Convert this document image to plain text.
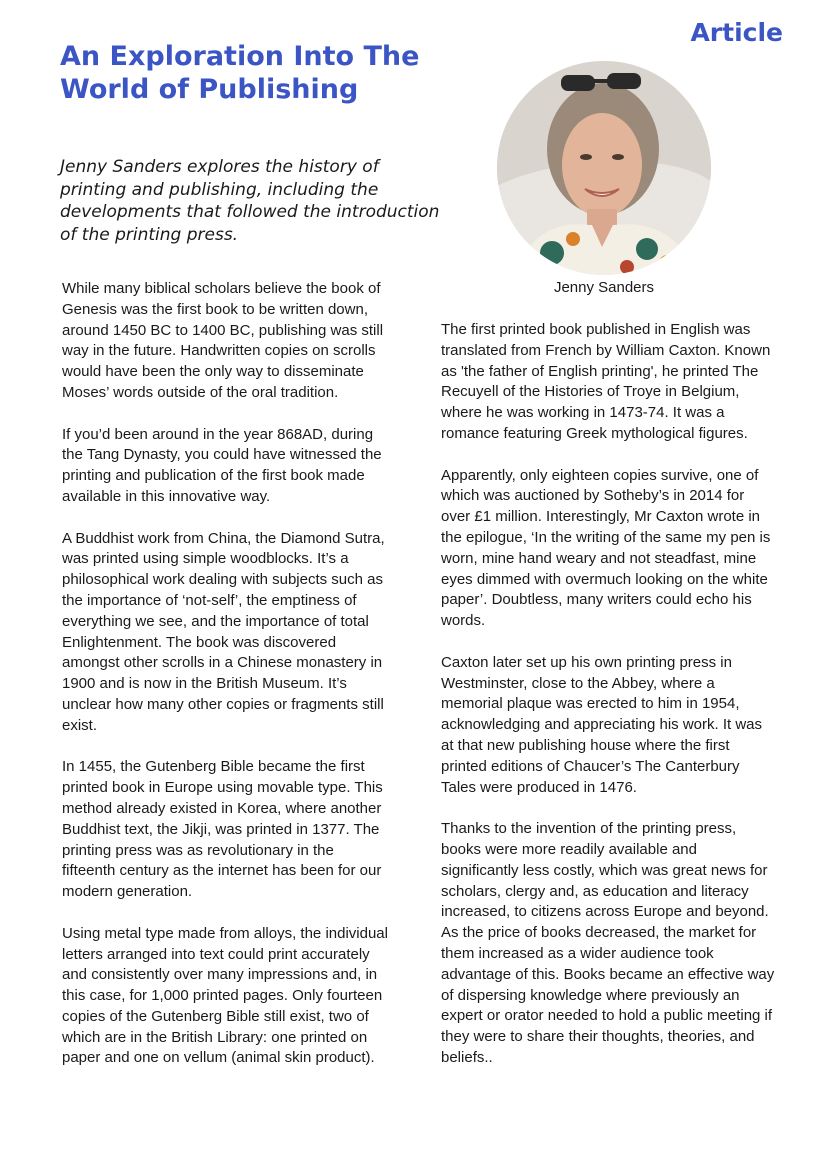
Article
An Exploration Into The World of Publishing

Jenny Sanders explores the history of printing and publishing, including the developments that followed the introduction of the printing press.

Jenny Sanders

While many biblical scholars believe the book of Genesis was the first book to be written down, around 1450 BC to 1400 BC, publishing was still way in the future. Handwritten copies on scrolls would have been the only way to disseminate Moses’ words outside of the oral tradition.

If you’d been around in the year 868AD, during the Tang Dynasty, you could have witnessed the printing and publication of the first book made available in this innovative way.

A Buddhist work from China, the Diamond Sutra, was printed using simple woodblocks. It’s a philosophical work dealing with subjects such as the importance of ‘not-self’, the emptiness of everything we see, and the importance of total Enlightenment. The book was discovered amongst other scrolls in a Chinese monastery in 1900 and is now in the British Museum. It’s unclear how many other copies or fragments still exist.

In 1455, the Gutenberg Bible became the first printed book in Europe using movable type. This method already existed in Korea, where another Buddhist text, the Jikji, was printed in 1377. The printing press was as revolutionary in the fifteenth century as the internet has been for our modern generation.

Using metal type made from alloys, the individual letters arranged into text could print accurately and consistently over many impressions and, in this case, for 1,000 printed pages. Only fourteen copies of the Gutenberg Bible still exist, two of which are in the British Library: one printed on paper and one on vellum (animal skin product).

The first printed book published in English was translated from French by William Caxton. Known as 'the father of English printing', he printed The Recuyell of the Histories of Troye in Belgium, where he was working in 1473-74. It was a romance featuring Greek mythological figures.

Apparently, only eighteen copies survive, one of which was auctioned by Sotheby’s in 2014 for over £1 million. Interestingly, Mr Caxton wrote in the epilogue, ‘In the writing of the same my pen is worn, mine hand weary and not steadfast, mine eyes dimmed with overmuch looking on the white paper’. Doubtless, many writers could echo his words.

Caxton later set up his own printing press in Westminster, close to the Abbey, where a memorial plaque was erected to him in 1954, acknowledging and appreciating his work. It was at that new publishing house where the first printed editions of Chaucer’s The Canterbury Tales were produced in 1476.

Thanks to the invention of the printing press, books were more readily available and significantly less costly, which was great news for scholars, clergy and, as education and literacy increased, to citizens across Europe and beyond. As the price of books decreased, the market for them increased as a wider audience took advantage of this. Books became an effective way of dispersing knowledge where previously an expert or orator needed to hold a public meeting if they were to share their thoughts, theories, and beliefs..
